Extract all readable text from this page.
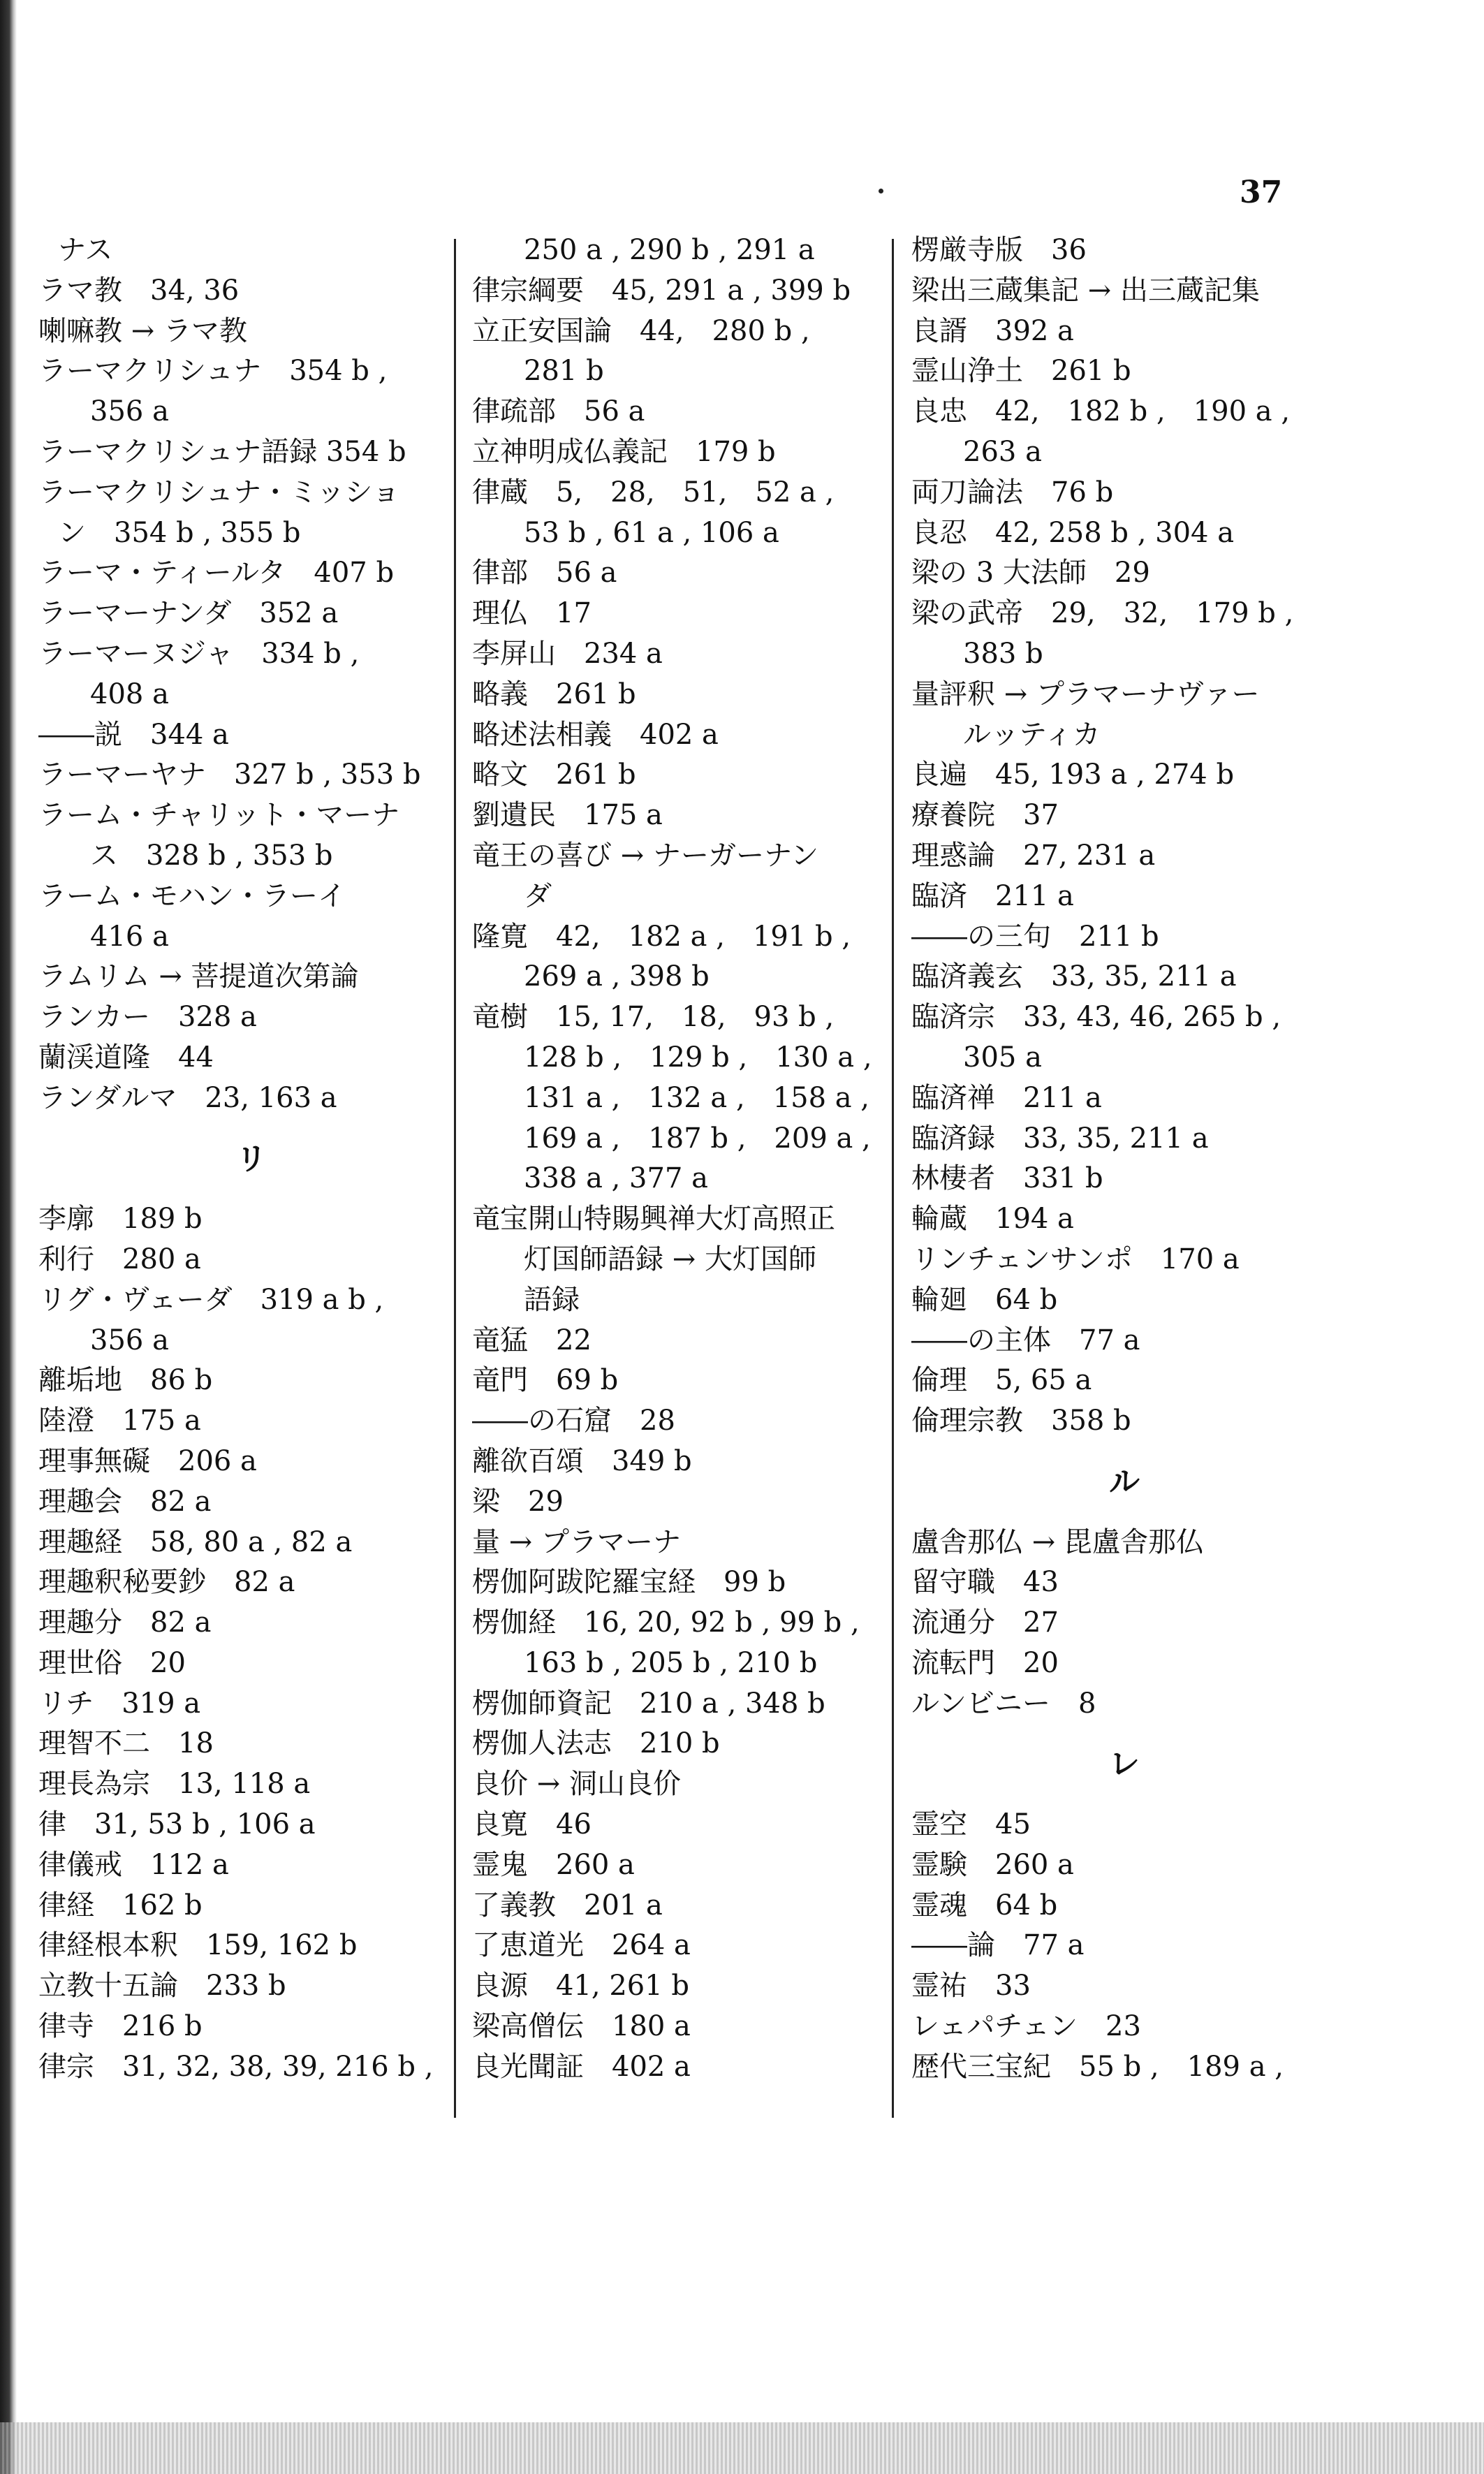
37
ナス
ラマ教　34, 36
喇嘛教 → ラマ教
ラーマクリシュナ　354 b ,
356 a
ラーマクリシュナ語録 354 b
ラーマクリシュナ・ミッショ
ン　354 b , 355 b
ラーマ・ティールタ　407 b
ラーマーナンダ　352 a
ラーマーヌジャ　334 b ,
408 a
――説　344 a
ラーマーヤナ　327 b , 353 b
ラーム・チャリット・マーナ
ス　328 b , 353 b
ラーム・モハン・ラーイ
416 a
ラムリム → 菩提道次第論
ランカー　328 a
蘭渓道隆　44
ランダルマ　23, 163 a
リ
李廓　189 b
利行　280 a
リグ・ヴェーダ　319 a b ,
356 a
離垢地　86 b
陸澄　175 a
理事無礙　206 a
理趣会　82 a
理趣経　58, 80 a , 82 a
理趣釈秘要鈔　82 a
理趣分　82 a
理世俗　20
リチ　319 a
理智不二　18
理長為宗　13, 118 a
律　31, 53 b , 106 a
律儀戒　112 a
律経　162 b
律経根本釈　159, 162 b
立教十五論　233 b
律寺　216 b
律宗　31, 32, 38, 39, 216 b ,
250 a , 290 b , 291 a
律宗綱要　45, 291 a , 399 b
立正安国論　44,　280 b ,
281 b
律疏部　56 a
立神明成仏義記　179 b
律蔵　5,　28,　51,　52 a ,
53 b , 61 a , 106 a
律部　56 a
理仏　17
李屏山　234 a
略義　261 b
略述法相義　402 a
略文　261 b
劉遺民　175 a
竜王の喜び → ナーガーナン
ダ
隆寛　42,　182 a ,　191 b ,
269 a , 398 b
竜樹　15, 17,　18,　93 b ,
128 b ,　129 b ,　130 a ,
131 a ,　132 a ,　158 a ,
169 a ,　187 b ,　209 a ,
338 a , 377 a
竜宝開山特賜興禅大灯高照正
灯国師語録 → 大灯国師
語録
竜猛　22
竜門　69 b
――の石窟　28
離欲百頌　349 b
梁　29
量 → プラマーナ
楞伽阿跋陀羅宝経　99 b
楞伽経　16, 20, 92 b , 99 b ,
163 b , 205 b , 210 b
楞伽師資記　210 a , 348 b
楞伽人法志　210 b
良价 → 洞山良价
良寛　46
霊鬼　260 a
了義教　201 a
了恵道光　264 a
良源　41, 261 b
梁高僧伝　180 a
良光聞証　402 a
楞厳寺版　36
梁出三蔵集記 → 出三蔵記集
良諝　392 a
霊山浄土　261 b
良忠　42,　182 b ,　190 a ,
263 a
両刀論法　76 b
良忍　42, 258 b , 304 a
梁の 3 大法師　29
梁の武帝　29,　32,　179 b ,
383 b
量評釈 → プラマーナヴァー
ルッティカ
良遍　45, 193 a , 274 b
療養院　37
理惑論　27, 231 a
臨済　211 a
――の三句　211 b
臨済義玄　33, 35, 211 a
臨済宗　33, 43, 46, 265 b ,
305 a
臨済禅　211 a
臨済録　33, 35, 211 a
林棲者　331 b
輪蔵　194 a
リンチェンサンポ　170 a
輪廻　64 b
――の主体　77 a
倫理　5, 65 a
倫理宗教　358 b
ル
盧舎那仏 → 毘盧舎那仏
留守職　43
流通分　27
流転門　20
ルンビニー　8
レ
霊空　45
霊験　260 a
霊魂　64 b
――論　77 a
霊祐　33
レェパチェン　23
歴代三宝紀　55 b ,　189 a ,
